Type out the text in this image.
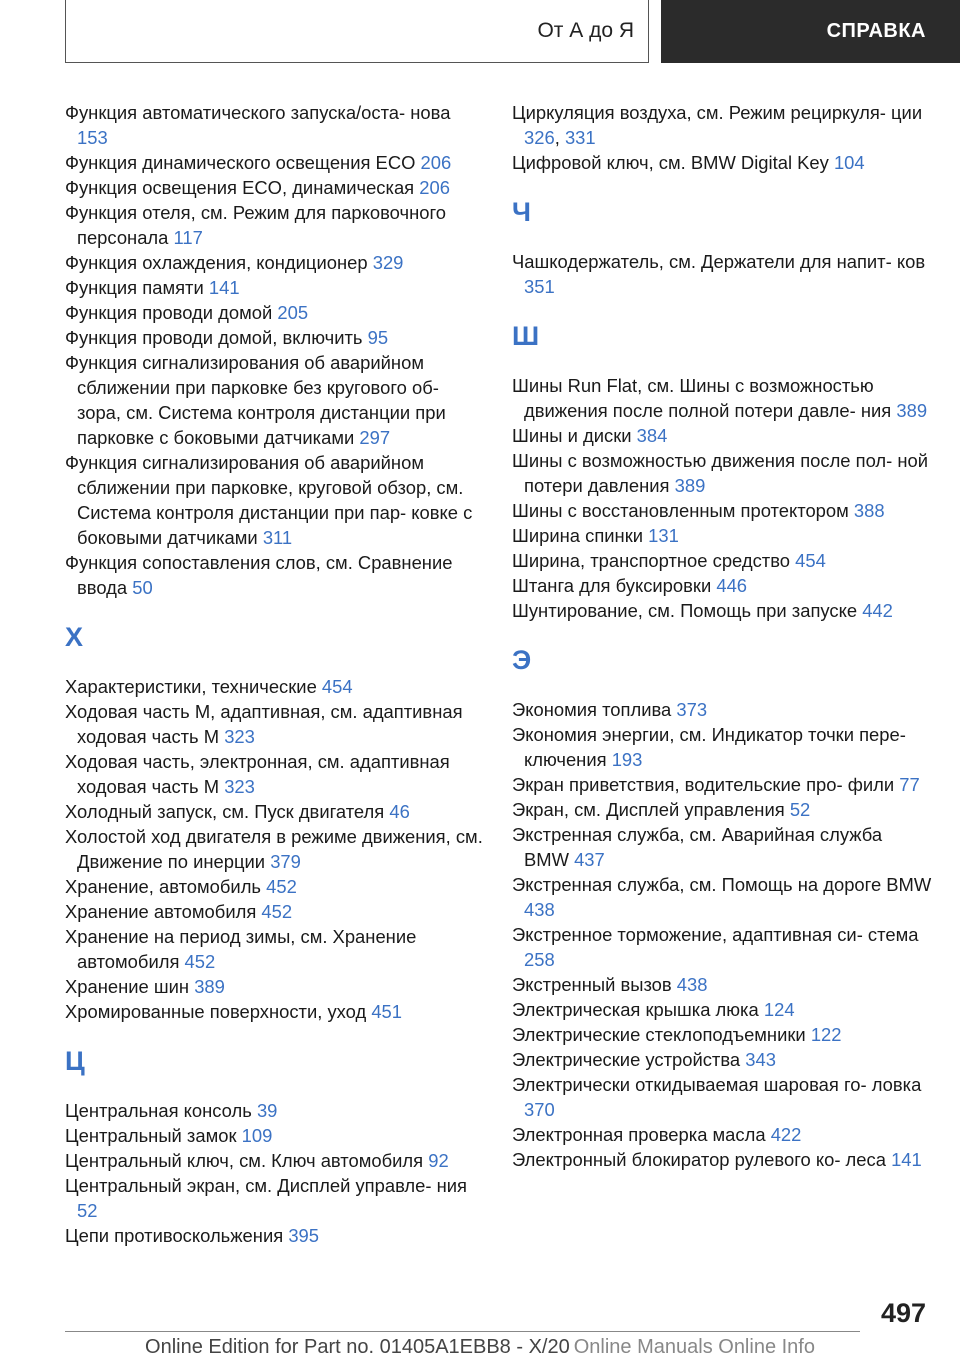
От А до Я	СПРАВКА
Функция автоматического запуска/оста- нова 153
Функция динамического освещения ECO 206
Функция освещения ECO, динамическая 206
Функция отеля, см. Режим для парковочного персонала 117
Функция охлаждения, кондиционер 329
Функция памяти 141
Функция проводи домой 205
Функция проводи домой, включить 95
Функция сигнализирования об аварийном сближении при парковке без кругового об- зора, см. Система контроля дистанции при парковке с боковыми датчиками 297
Функция сигнализирования об аварийном сближении при парковке, круговой обзор, см. Система контроля дистанции при пар- ковке с боковыми датчиками 311
Функция сопоставления слов, см. Сравнение ввода 50
Х
Характеристики, технические 454
Ходовая часть M, адаптивная, см. адаптивная ходовая часть M 323
Ходовая часть, электронная, см. адаптивная ходовая часть M 323
Холодный запуск, см. Пуск двигателя 46
Холостой ход двигателя в режиме движения, см. Движение по инерции 379
Хранение, автомобиль 452
Хранение автомобиля 452
Хранение на период зимы, см. Хранение автомобиля 452
Хранение шин 389
Хромированные поверхности, уход 451
Ц
Центральная консоль 39
Центральный замок 109
Центральный ключ, см. Ключ автомобиля 92
Центральный экран, см. Дисплей управле- ния 52
Цепи противоскольжения 395
Циркуляция воздуха, см. Режим рециркуля- ции 326, 331
Цифровой ключ, см. BMW Digital Key 104
Ч
Чашкодержатель, см. Держатели для напит- ков 351
Ш
Шины Run Flat, см. Шины с возможностью движения после полной потери давле- ния 389
Шины и диски 384
Шины с возможностью движения после пол- ной потери давления 389
Шины с восстановленным протектором 388
Ширина спинки 131
Ширина, транспортное средство 454
Штанга для буксировки 446
Шунтирование, см. Помощь при запуске 442
Э
Экономия топлива 373
Экономия энергии, см. Индикатор точки пере- ключения 193
Экран приветствия, водительские про- фили 77
Экран, см. Дисплей управления 52
Экстренная служба, см. Аварийная служба BMW 437
Экстренная служба, см. Помощь на дороге BMW 438
Экстренное торможение, адаптивная си- стема 258
Экстренный вызов 438
Электрическая крышка люка 124
Электрические стеклоподъемники 122
Электрические устройства 343
Электрически откидываемая шаровая го- ловка 370
Электронная проверка масла 422
Электронный блокиратор рулевого ко- леса 141
497
Online Edition for Part no. 01405A1EBB8 - X/20 Online Manuals Online Info
